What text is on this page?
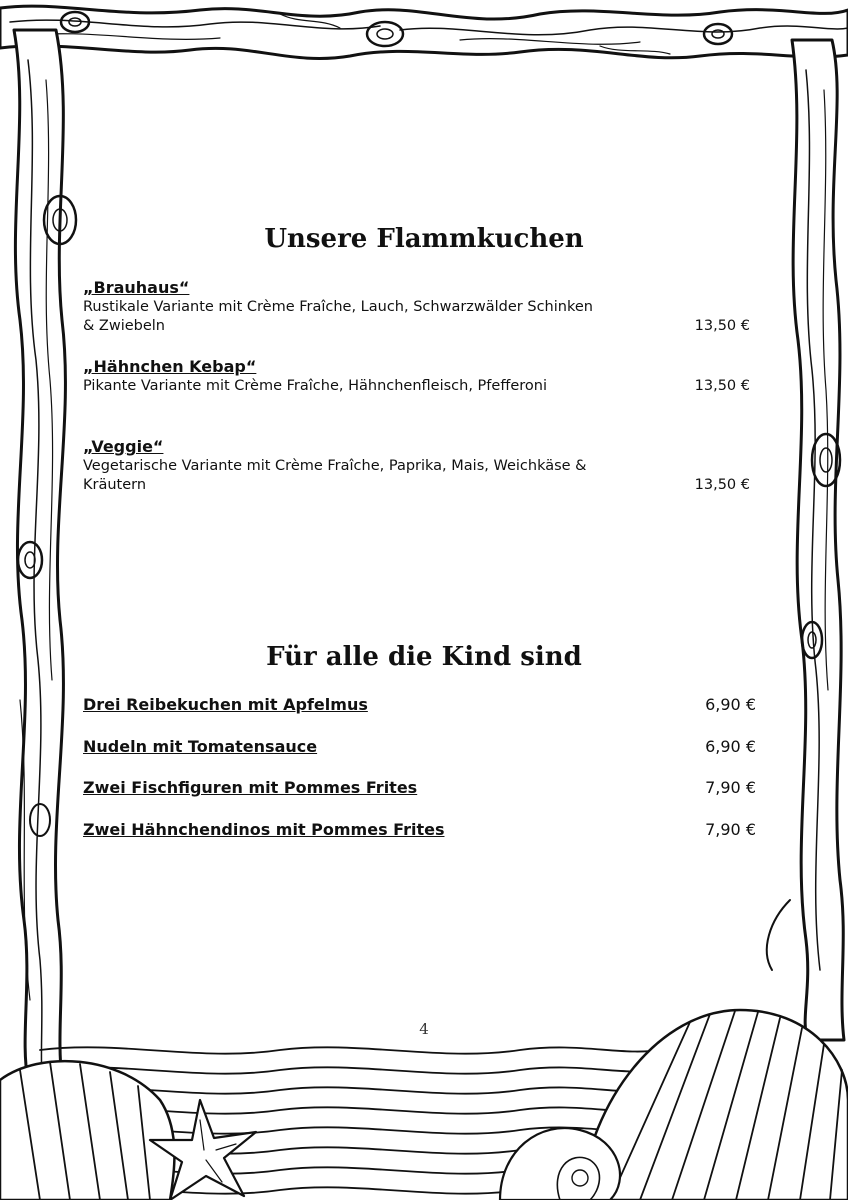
Unsere Flammkuchen
„Brauhaus“
Rustikale Variante mit Crème Fraîche, Lauch, Schwarzwälder Schinken & Zwiebeln	13,50 €
„Hähnchen Kebap“
Pikante Variante mit Crème Fraîche, Hähnchenfleisch, Pfefferoni	13,50 €
„Veggie“
Vegetarische Variante mit Crème Fraîche, Paprika, Mais, Weichkäse & Kräutern	13,50 €
Für alle die Kind sind
Drei Reibekuchen mit Apfelmus	6,90 €
Nudeln mit Tomatensauce	6,90 €
Zwei Fischfiguren mit Pommes Frites	7,90 €
Zwei Hähnchendinos mit Pommes Frites	7,90 €
4
